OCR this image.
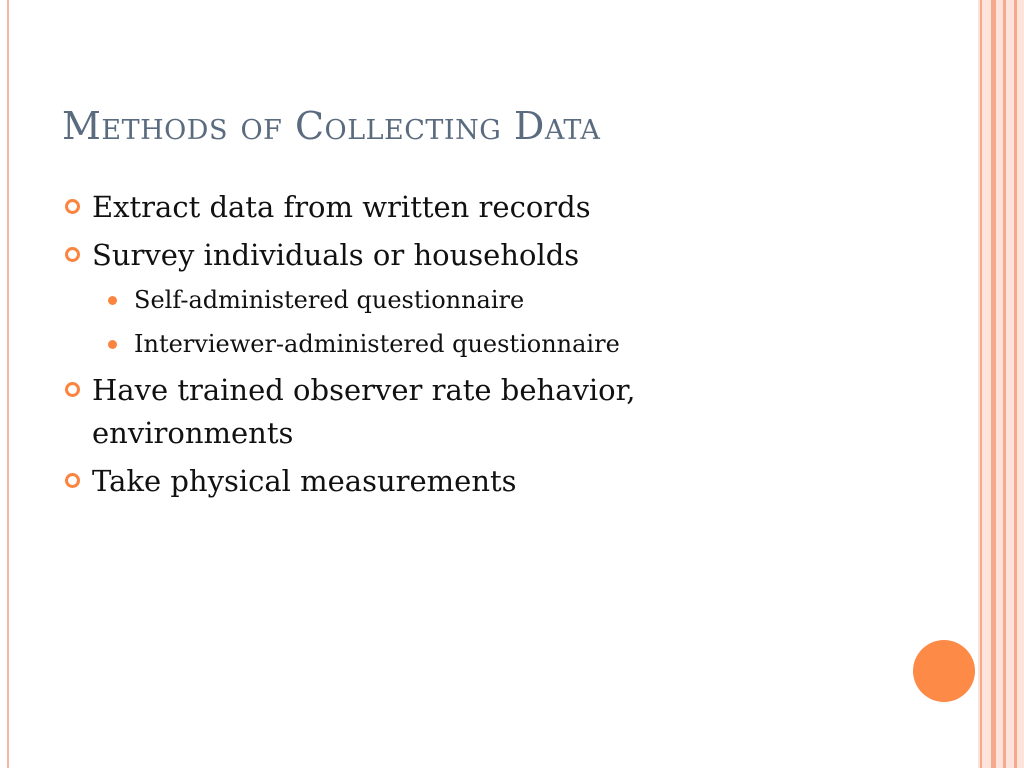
Methods of Collecting Data
Extract data from written records
Survey individuals or households
Self-administered questionnaire
Interviewer-administered questionnaire
Have trained observer rate behavior, environments
Take physical measurements
